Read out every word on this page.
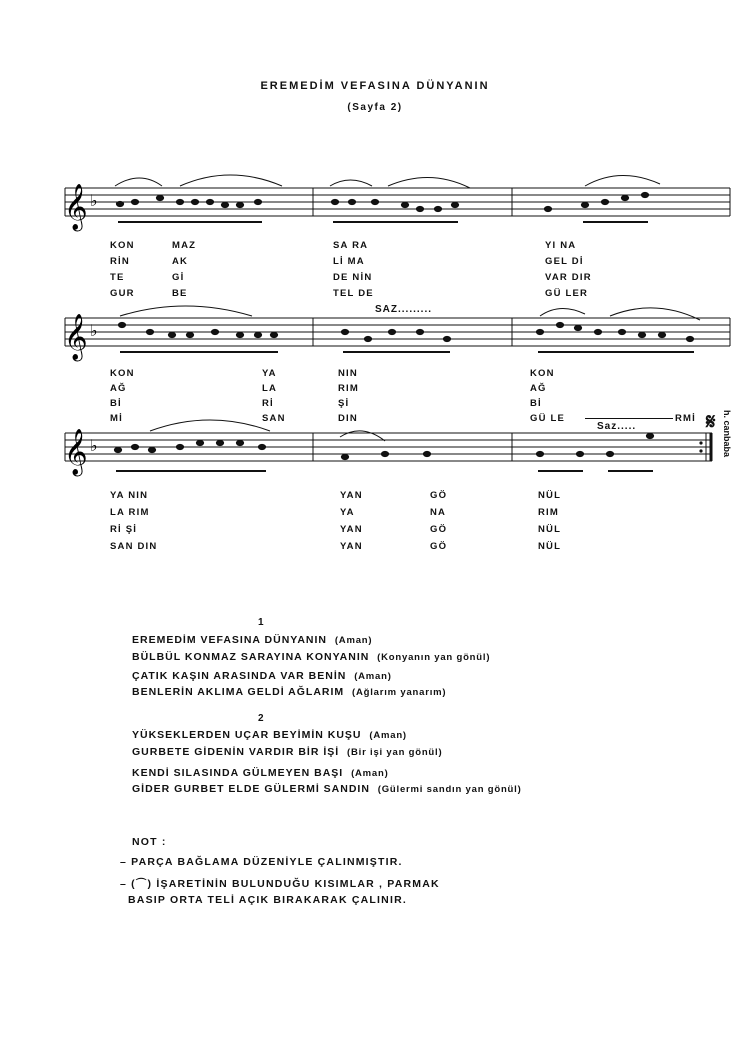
EREMEDİM VEFASINA DÜNYANIN
(Sayfa 2)
𝄞 ♭
KON
RİN
TE
GUR
MAZ
AK
Gİ
BE
SA RA
Lİ MA
DE NİN
TEL DE
YI NA
GEL Dİ
VAR DIR
GÜ LER
SAZ.........
𝄞 ♭
KON
AĞ
Bİ
Mİ
YA
LA
Rİ
SAN
NIN
RIM
Şİ
DIN
KON
AĞ
Bİ
GÜ LE	RMİ
Saz.....	𝄋 h. canbaba
𝄞 ♭
YA NIN
LA RIM
Rİ Şİ
SAN DIN
YAN
YA
YAN
YAN
GÖ
NA
GÖ
GÖ
NÜL
RIM
NÜL
NÜL
1
EREMEDİM VEFASINA DÜNYANIN (Aman)
BÜLBÜL KONMAZ SARAYINA KONYANIN (Konyanın yan gönül)
ÇATIK KAŞIN ARASINDA VAR BENİN (Aman)
BENLERİN AKLIMA GELDİ AĞLARIM (Ağlarım yanarım)
2
YÜKSEKLERDEN UÇAR BEYİMİN KUŞU (Aman)
GURBETE GİDENİN VARDIR BİR İŞİ (Bir işi yan gönül)
KENDİ SILASINDA GÜLMEYEN BAŞI (Aman)
GİDER GURBET ELDE GÜLERMİ SANDIN (Gülermi sandın yan gönül)
NOT :
– PARÇA BAĞLAMA DÜZENİYLE ÇALINMIŞTIR.
– (⌒) İŞARETİNİN BULUNDUĞU KISIMLAR , PARMAK
BASIP ORTA TELİ AÇIK BIRAKARAK ÇALINIR.
